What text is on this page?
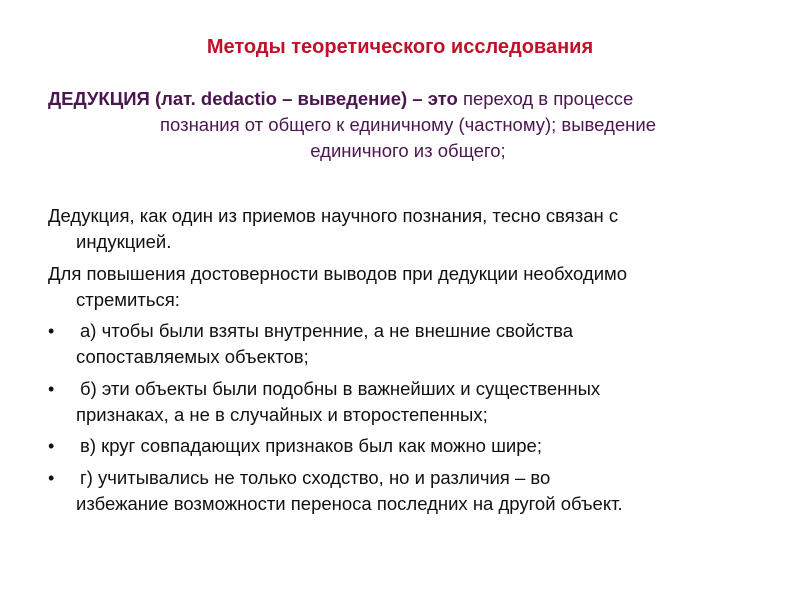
Методы теоретического исследования
ДЕДУКЦИЯ (лат. dedactio – выведение) – это переход в процессе
познания от общего к единичному (частному); выведение
единичного из общего;
Дедукция, как один из приемов научного познания, тесно связан с
индукцией.
Для повышения достоверности выводов при дедукции необходимо
стремиться:
•	а) чтобы были взяты внутренние, а не внешние свойства
сопоставляемых объектов;
•	б) эти объекты были подобны в важнейших и существенных
признаках, а не в случайных и второстепенных;
•	в) круг совпадающих признаков был как можно шире;
•	г) учитывались не только сходство, но и различия – во
избежание возможности переноса последних на другой объект.
